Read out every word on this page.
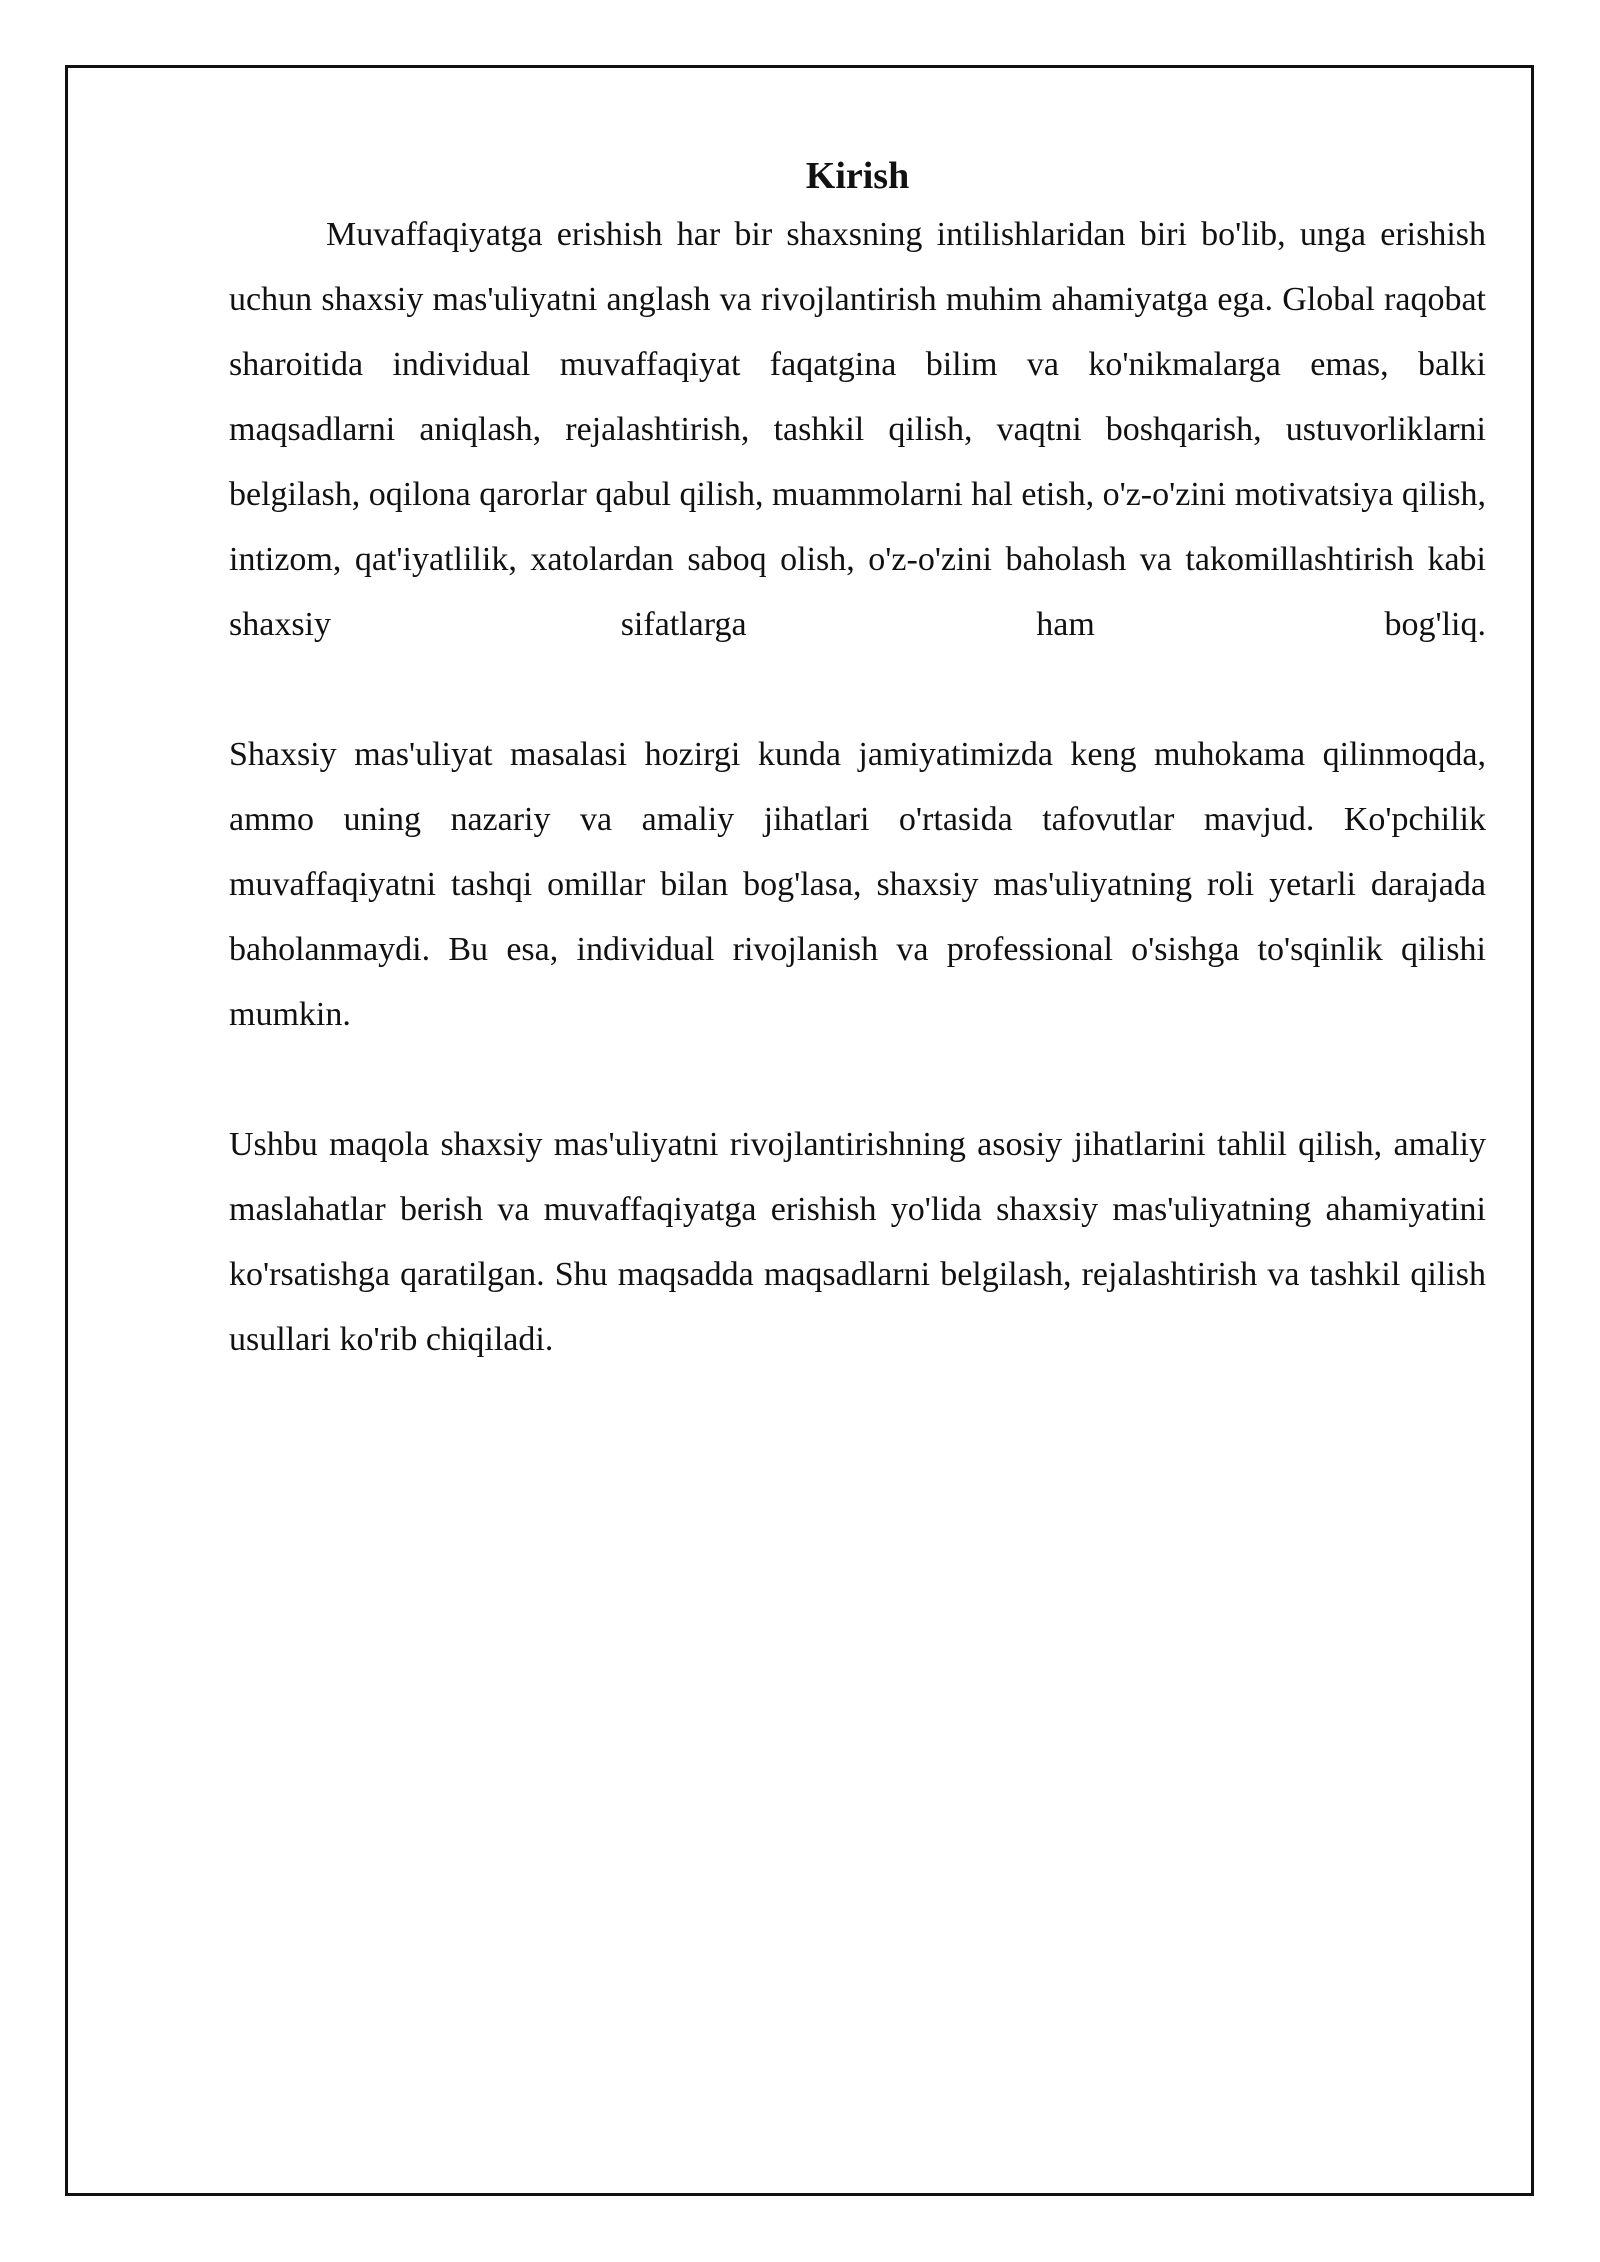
Kirish

Muvaffaqiyatga erishish har bir shaxsning intilishlaridan biri bo'lib, unga erishish uchun shaxsiy mas'uliyatni anglash va rivojlantirish muhim ahamiyatga ega. Global raqobat sharoitida individual muvaffaqiyat faqatgina bilim va ko'nikmalarga emas, balki maqsadlarni aniqlash, rejalashtirish, tashkil qilish, vaqtni boshqarish, ustuvorliklarni belgilash, oqilona qarorlar qabul qilish, muammolarni hal etish, o'z-o'zini motivatsiya qilish, intizom, qat'iyatlilik, xatolardan saboq olish, o'z-o'zini baholash va takomillashtirish kabi shaxsiy sifatlarga ham bog'liq.

Shaxsiy mas'uliyat masalasi hozirgi kunda jamiyatimizda keng muhokama qilinmoqda, ammo uning nazariy va amaliy jihatlari o'rtasida tafovutlar mavjud. Ko'pchilik muvaffaqiyatni tashqi omillar bilan bog'lasa, shaxsiy mas'uliyatning roli yetarli darajada baholanmaydi. Bu esa, individual rivojlanish va professional o'sishga to'sqinlik qilishi mumkin.

Ushbu maqola shaxsiy mas'uliyatni rivojlantirishning asosiy jihatlarini tahlil qilish, amaliy maslahatlar berish va muvaffaqiyatga erishish yo'lida shaxsiy mas'uliyatning ahamiyatini ko'rsatishga qaratilgan. Shu maqsadda maqsadlarni belgilash, rejalashtirish va tashkil qilish usullari ko'rib chiqiladi.
